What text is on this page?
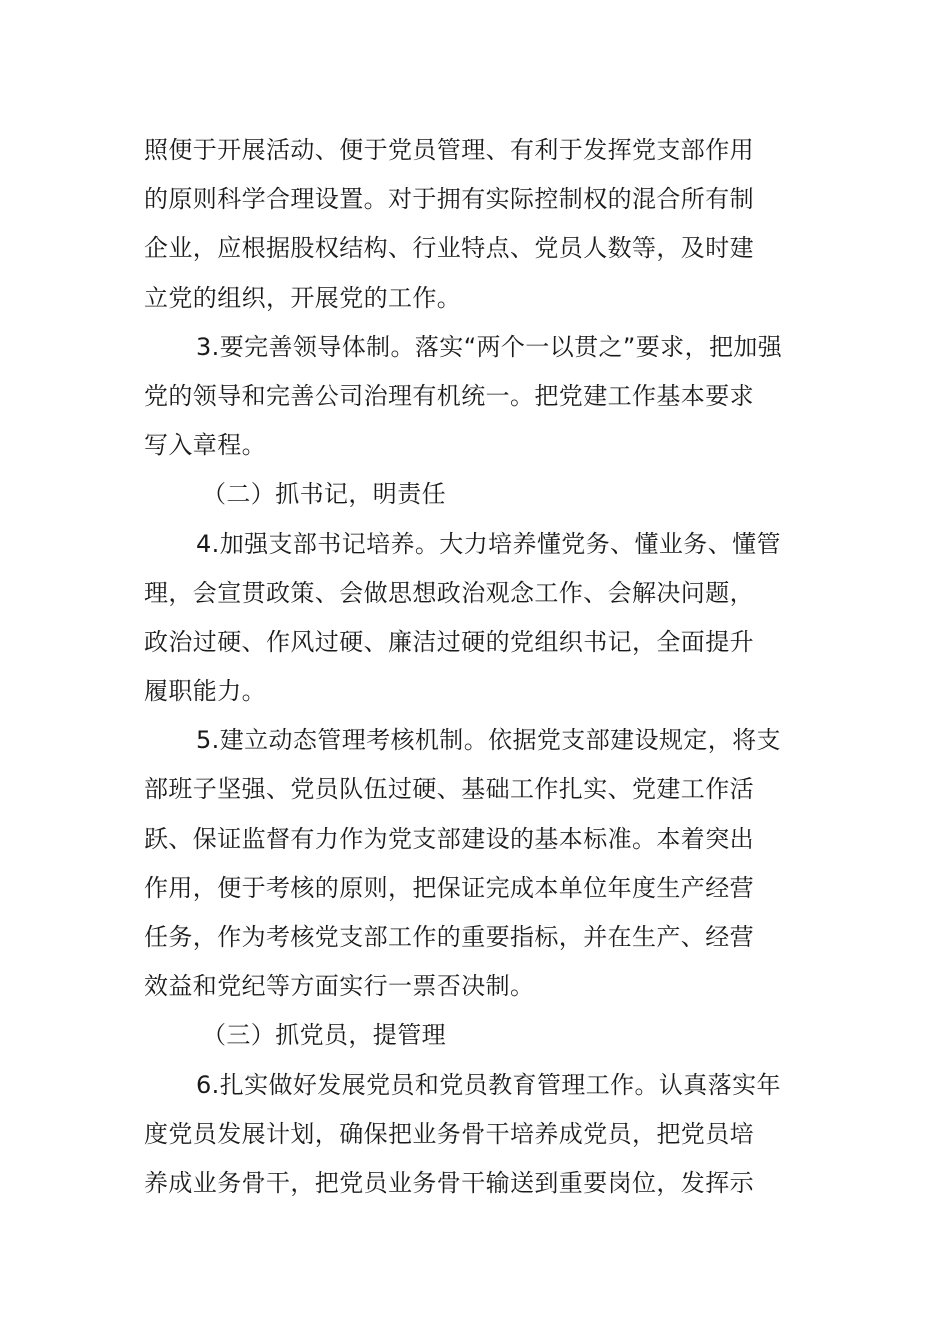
照便于开展活动、便于党员管理、有利于发挥党支部作用
的原则科学合理设置。对于拥有实际控制权的混合所有制
企业，应根据股权结构、行业特点、党员人数等，及时建
立党的组织，开展党的工作。
3.要完善领导体制。落实“两个一以贯之”要求，把加强
党的领导和完善公司治理有机统一。把党建工作基本要求
写入章程。
（二）抓书记，明责任
4.加强支部书记培养。大力培养懂党务、懂业务、懂管
理，会宣贯政策、会做思想政治观念工作、会解决问题，
政治过硬、作风过硬、廉洁过硬的党组织书记，全面提升
履职能力。
5.建立动态管理考核机制。依据党支部建设规定，将支
部班子坚强、党员队伍过硬、基础工作扎实、党建工作活
跃、保证监督有力作为党支部建设的基本标准。本着突出
作用，便于考核的原则，把保证完成本单位年度生产经营
任务，作为考核党支部工作的重要指标，并在生产、经营
效益和党纪等方面实行一票否决制。
（三）抓党员，提管理
6.扎实做好发展党员和党员教育管理工作。认真落实年
度党员发展计划，确保把业务骨干培养成党员，把党员培
养成业务骨干，把党员业务骨干输送到重要岗位，发挥示
